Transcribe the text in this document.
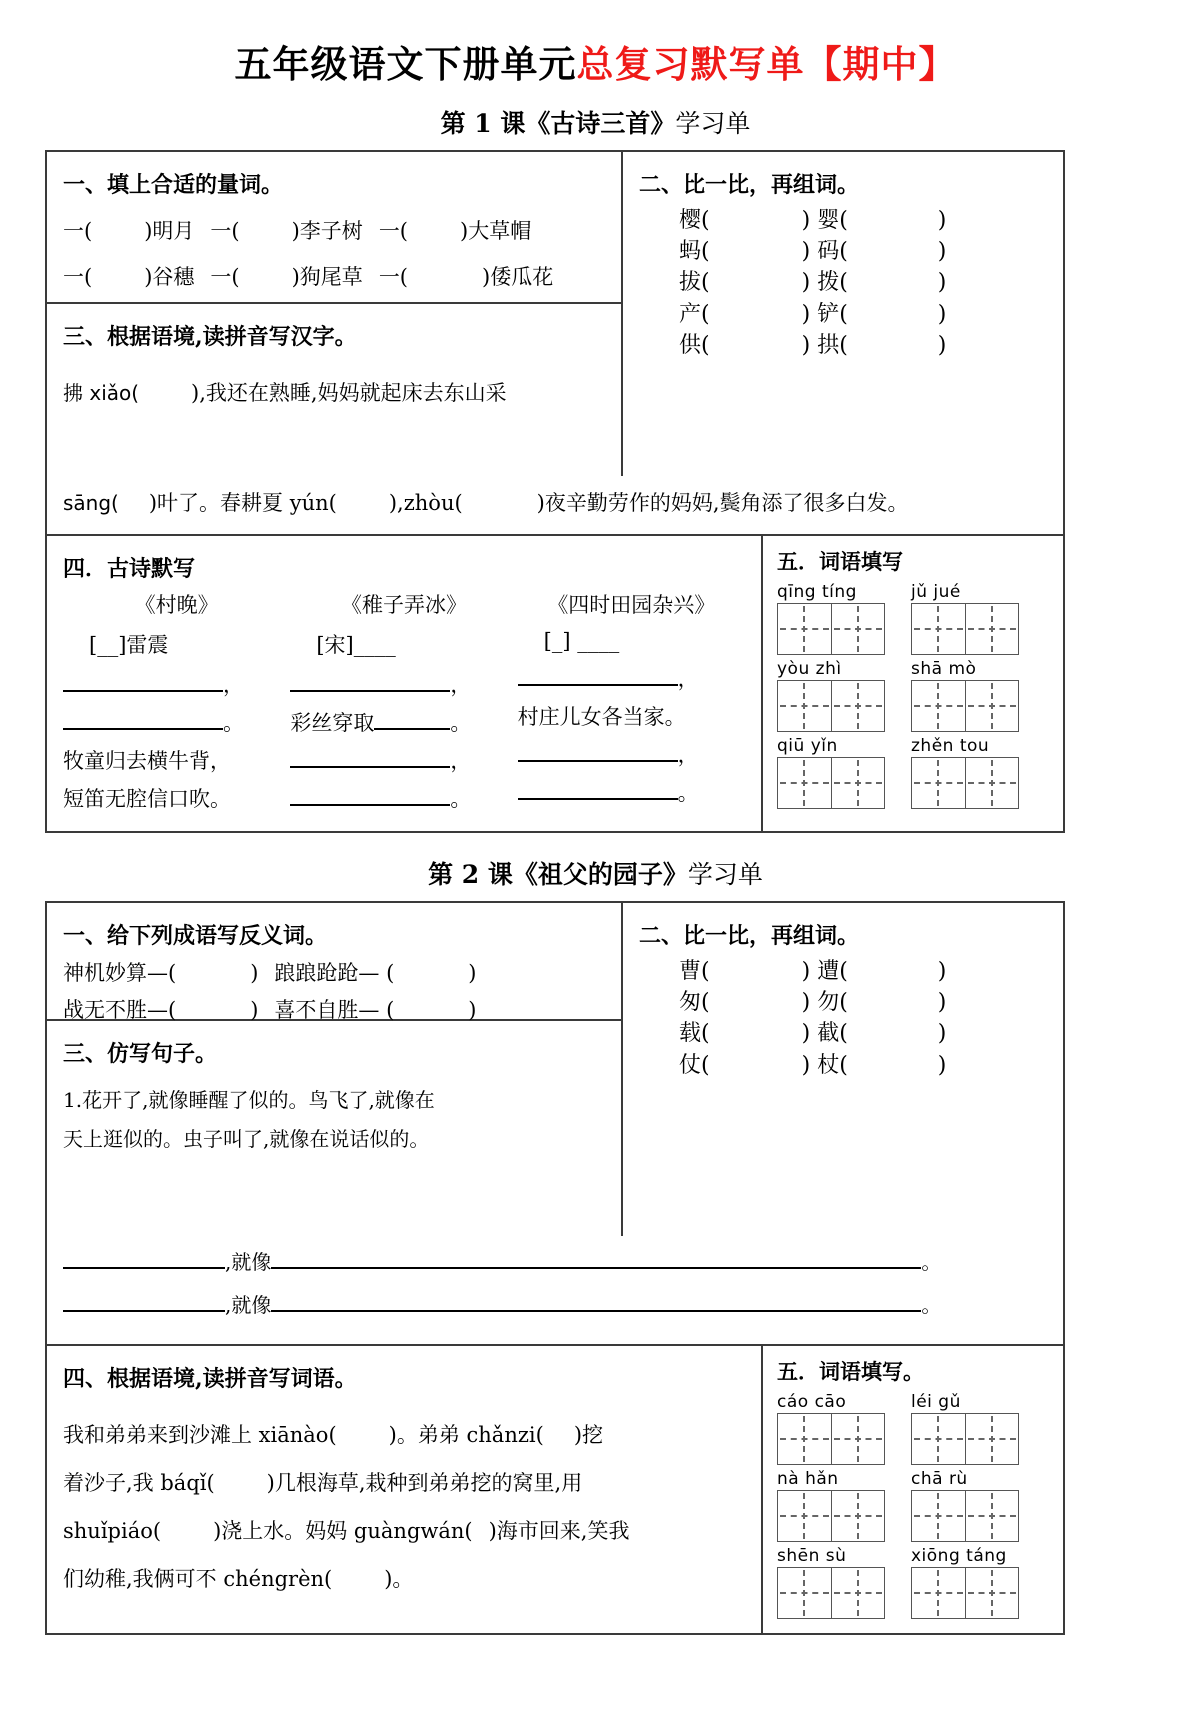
五年级语文下册单元总复习默写单【期中】
第 1 课《古诗三首》学习单
一、填上合适的量词。
一( )明月 一( )李子树 一( )大草帽
一( )谷穗 一( )狗尾草 一(	)倭瓜花
三、根据语境,读拼音写汉字。
拂 xiǎo( ),我还在熟睡,妈妈就起床去东山采
二、比一比，再组词。
樱(	) 婴(	)
蚂(	) 码(	)
拔(	) 拨(	)
产(	) 铲(	)
供(	) 拱(	)
sāng( )叶了。春耕夏 yún( ),zhòu(	)夜辛勤劳作的妈妈,鬓角添了很多白发。
四．古诗默写
《村晚》
[__]雷震
，
。
牧童归去横牛背，
短笛无腔信口吹。
《稚子弄冰》
[宋]____
，
彩丝穿取	。
，
。
《四时田园杂兴》
[_] ____
，
村庄儿女各当家。
，
。
五．词语填写
qīng tíng	jǔ jué
yòu zhì	shā mò
qiū yǐn	zhěn tou
第 2 课《祖父的园子》学习单
一、给下列成语写反义词。
神机妙算—(	) 踉踉跄跄— (	)
战无不胜—(	) 喜不自胜— (	)
三、仿写句子。
1.花开了,就像睡醒了似的。鸟飞了,就像在
天上逛似的。虫子叫了,就像在说话似的。
二、比一比，再组词。
曹(	) 遭(	)
匆(	) 勿(	)
载(	) 截(	)
仗(	) 杖(	)
,就像	。
,就像	。
四、根据语境,读拼音写词语。
我和弟弟来到沙滩上 xiānào( )。弟弟 chǎnzi( )挖
着沙子,我 báqǐ( )几根海草,栽种到弟弟挖的窝里,用
shuǐpiáo( )浇上水。妈妈 guàngwán( )海市回来,笑我
们幼稚,我俩可不 chéngrèn( )。
五．词语填写。
cáo cāo	léi gǔ
nà hǎn	chā rù
shēn sù	xiōng táng
